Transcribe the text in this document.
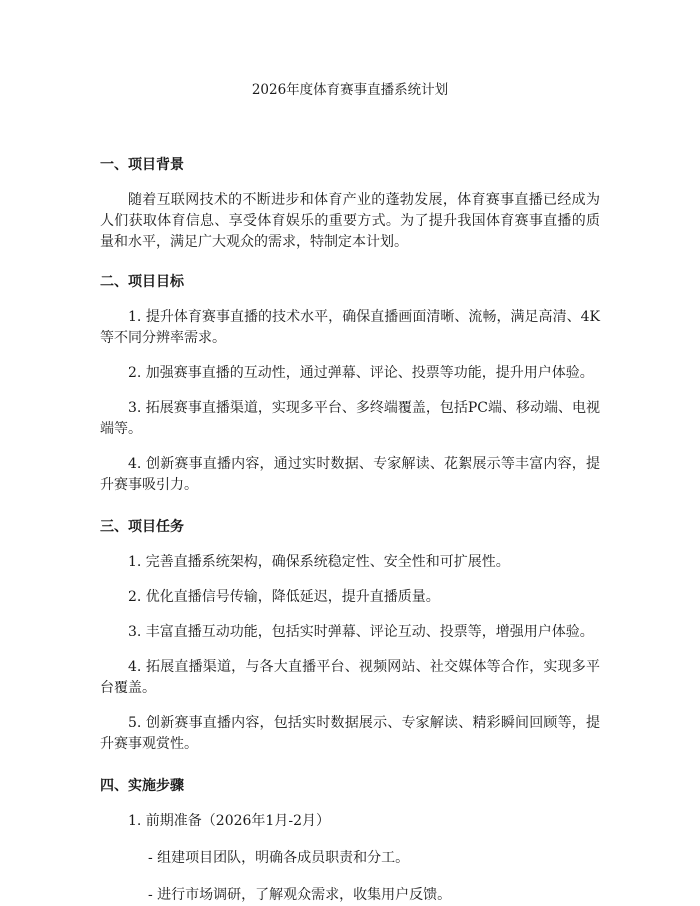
2026年度体育赛事直播系统计划
一、项目背景

随着互联网技术的不断进步和体育产业的蓬勃发展，体育赛事直播已经成为人们获取体育信息、享受体育娱乐的重要方式。为了提升我国体育赛事直播的质量和水平，满足广大观众的需求，特制定本计划。

二、项目目标

1. 提升体育赛事直播的技术水平，确保直播画面清晰、流畅，满足高清、4K等不同分辨率需求。

2. 加强赛事直播的互动性，通过弹幕、评论、投票等功能，提升用户体验。

3. 拓展赛事直播渠道，实现多平台、多终端覆盖，包括PC端、移动端、电视端等。

4. 创新赛事直播内容，通过实时数据、专家解读、花絮展示等丰富内容，提升赛事吸引力。

三、项目任务

1. 完善直播系统架构，确保系统稳定性、安全性和可扩展性。

2. 优化直播信号传输，降低延迟，提升直播质量。

3. 丰富直播互动功能，包括实时弹幕、评论互动、投票等，增强用户体验。

4. 拓展直播渠道，与各大直播平台、视频网站、社交媒体等合作，实现多平台覆盖。

5. 创新赛事直播内容，包括实时数据展示、专家解读、精彩瞬间回顾等，提升赛事观赏性。

四、实施步骤
1. 前期准备（2026年1月-2月）
- 组建项目团队，明确各成员职责和分工。
- 进行市场调研，了解观众需求，收集用户反馈。
